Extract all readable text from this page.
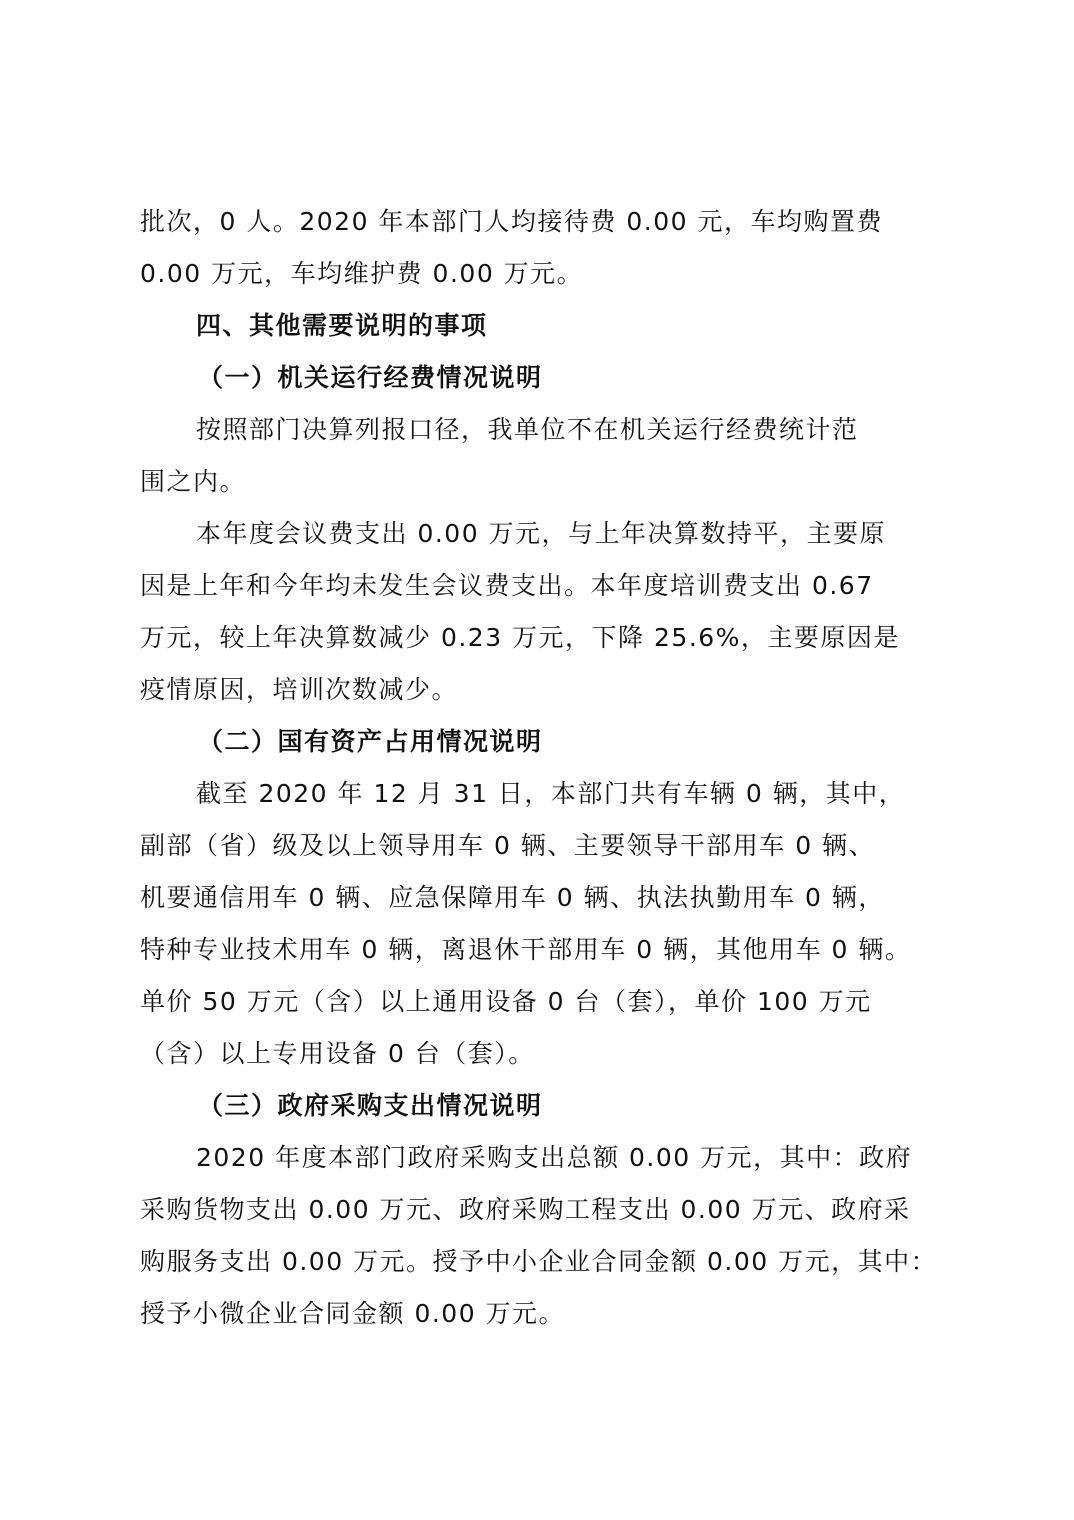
批次，0 人。2020 年本部门人均接待费 0.00 元，车均购置费
0.00 万元，车均维护费 0.00 万元。
四、其他需要说明的事项
（一）机关运行经费情况说明
按照部门决算列报口径，我单位不在机关运行经费统计范
围之内。
本年度会议费支出 0.00 万元，与上年决算数持平，主要原
因是上年和今年均未发生会议费支出。本年度培训费支出 0.67
万元，较上年决算数减少 0.23 万元，下降 25.6%，主要原因是
疫情原因，培训次数减少。
（二）国有资产占用情况说明
截至 2020 年 12 月 31 日，本部门共有车辆 0 辆，其中，
副部（省）级及以上领导用车 0 辆、主要领导干部用车 0 辆、
机要通信用车 0 辆、应急保障用车 0 辆、执法执勤用车 0 辆，
特种专业技术用车 0 辆，离退休干部用车 0 辆，其他用车 0 辆。
单价 50 万元（含）以上通用设备 0 台（套），单价 100 万元
（含）以上专用设备 0 台（套）。
（三）政府采购支出情况说明
2020 年度本部门政府采购支出总额 0.00 万元，其中：政府
采购货物支出 0.00 万元、政府采购工程支出 0.00 万元、政府采
购服务支出 0.00 万元。授予中小企业合同金额 0.00 万元，其中：
授予小微企业合同金额 0.00 万元。
